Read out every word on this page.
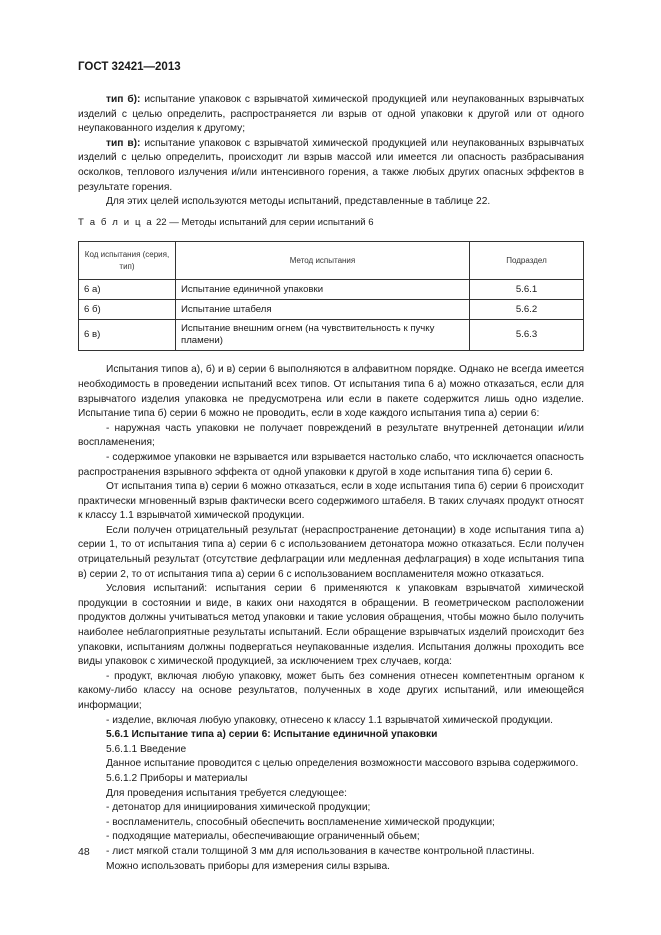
ГОСТ 32421—2013

тип б): испытание упаковок с взрывчатой химической продукцией или неупакованных взрывчатых изделий с целью определить, распространяется ли взрыв от одной упаковки к другой или от одного неупакованного изделия к другому;

тип в): испытание упаковок с взрывчатой химической продукцией или неупакованных взрывчатых изделий с целью определить, происходит ли взрыв массой или имеется ли опасность разбрасывания осколков, теплового излучения и/или интенсивного горения, а также любых других опасных эффектов в результате горения.

Для этих целей используются методы испытаний, представленные в таблице 22.

Т а б л и ц а 22 — Методы испытаний для серии испытаний 6

Код испытания (серия, тип)	Метод испытания	Подраздел
6 а)	Испытание единичной упаковки	5.6.1
6 б)	Испытание штабеля	5.6.2
6 в)	Испытание внешним огнем (на чувствительность к пучку пламени)	5.6.3

Испытания типов а), б) и в) серии 6 выполняются в алфавитном порядке. Однако не всегда имеется необходимость в проведении испытаний всех типов. От испытания типа 6 а) можно отказаться, если для взрывчатого изделия упаковка не предусмотрена или если в пакете содержится лишь одно изделие. Испытание типа б) серии 6 можно не проводить, если в ходе каждого испытания типа а) серии 6:

- наружная часть упаковки не получает повреждений в результате внутренней детонации и/или воспламенения;

- содержимое упаковки не взрывается или взрывается настолько слабо, что исключается опасность распространения взрывного эффекта от одной упаковки к другой в ходе испытания типа б) серии 6.

От испытания типа в) серии 6 можно отказаться, если в ходе испытания типа б) серии 6 происходит практически мгновенный взрыв фактически всего содержимого штабеля. В таких случаях продукт относят к классу 1.1 взрывчатой химической продукции.

Если получен отрицательный результат (нераспространение детонации) в ходе испытания типа а) серии 1, то от испытания типа а) серии 6 с использованием детонатора можно отказаться. Если получен отрицательный результат (отсутствие дефлаграции или медленная дефлаграция) в ходе испытания типа в) серии 2, то от испытания типа а) серии 6 с использованием воспламенителя можно отказаться.

Условия испытаний: испытания серии 6 применяются к упаковкам взрывчатой химической продукции в состоянии и виде, в каких они находятся в обращении. В геометрическом расположении продуктов должны учитываться метод упаковки и такие условия обращения, чтобы можно было получить наиболее неблагоприятные результаты испытаний. Если обращение взрывчатых изделий происходит без упаковки, испытаниям должны подвергаться неупакованные изделия. Испытания должны проходить все виды упаковок с химической продукцией, за исключением трех случаев, когда:

- продукт, включая любую упаковку, может быть без сомнения отнесен компетентным органом к какому-либо классу на основе результатов, полученных в ходе других испытаний, или имеющейся информации;

- изделие, включая любую упаковку, отнесено к классу 1.1 взрывчатой химической продукции.

5.6.1 Испытание типа а) серии 6: Испытание единичной упаковки

5.6.1.1 Введение

Данное испытание проводится с целью определения возможности массового взрыва содержимого.

5.6.1.2 Приборы и материалы

Для проведения испытания требуется следующее:

- детонатор для инициирования химической продукции;

- воспламенитель, способный обеспечить воспламенение химической продукции;

- подходящие материалы, обеспечивающие ограниченный обьем;

- лист мягкой стали толщиной 3 мм для использования в качестве контрольной пластины.

Можно использовать приборы для измерения силы взрыва.

48
